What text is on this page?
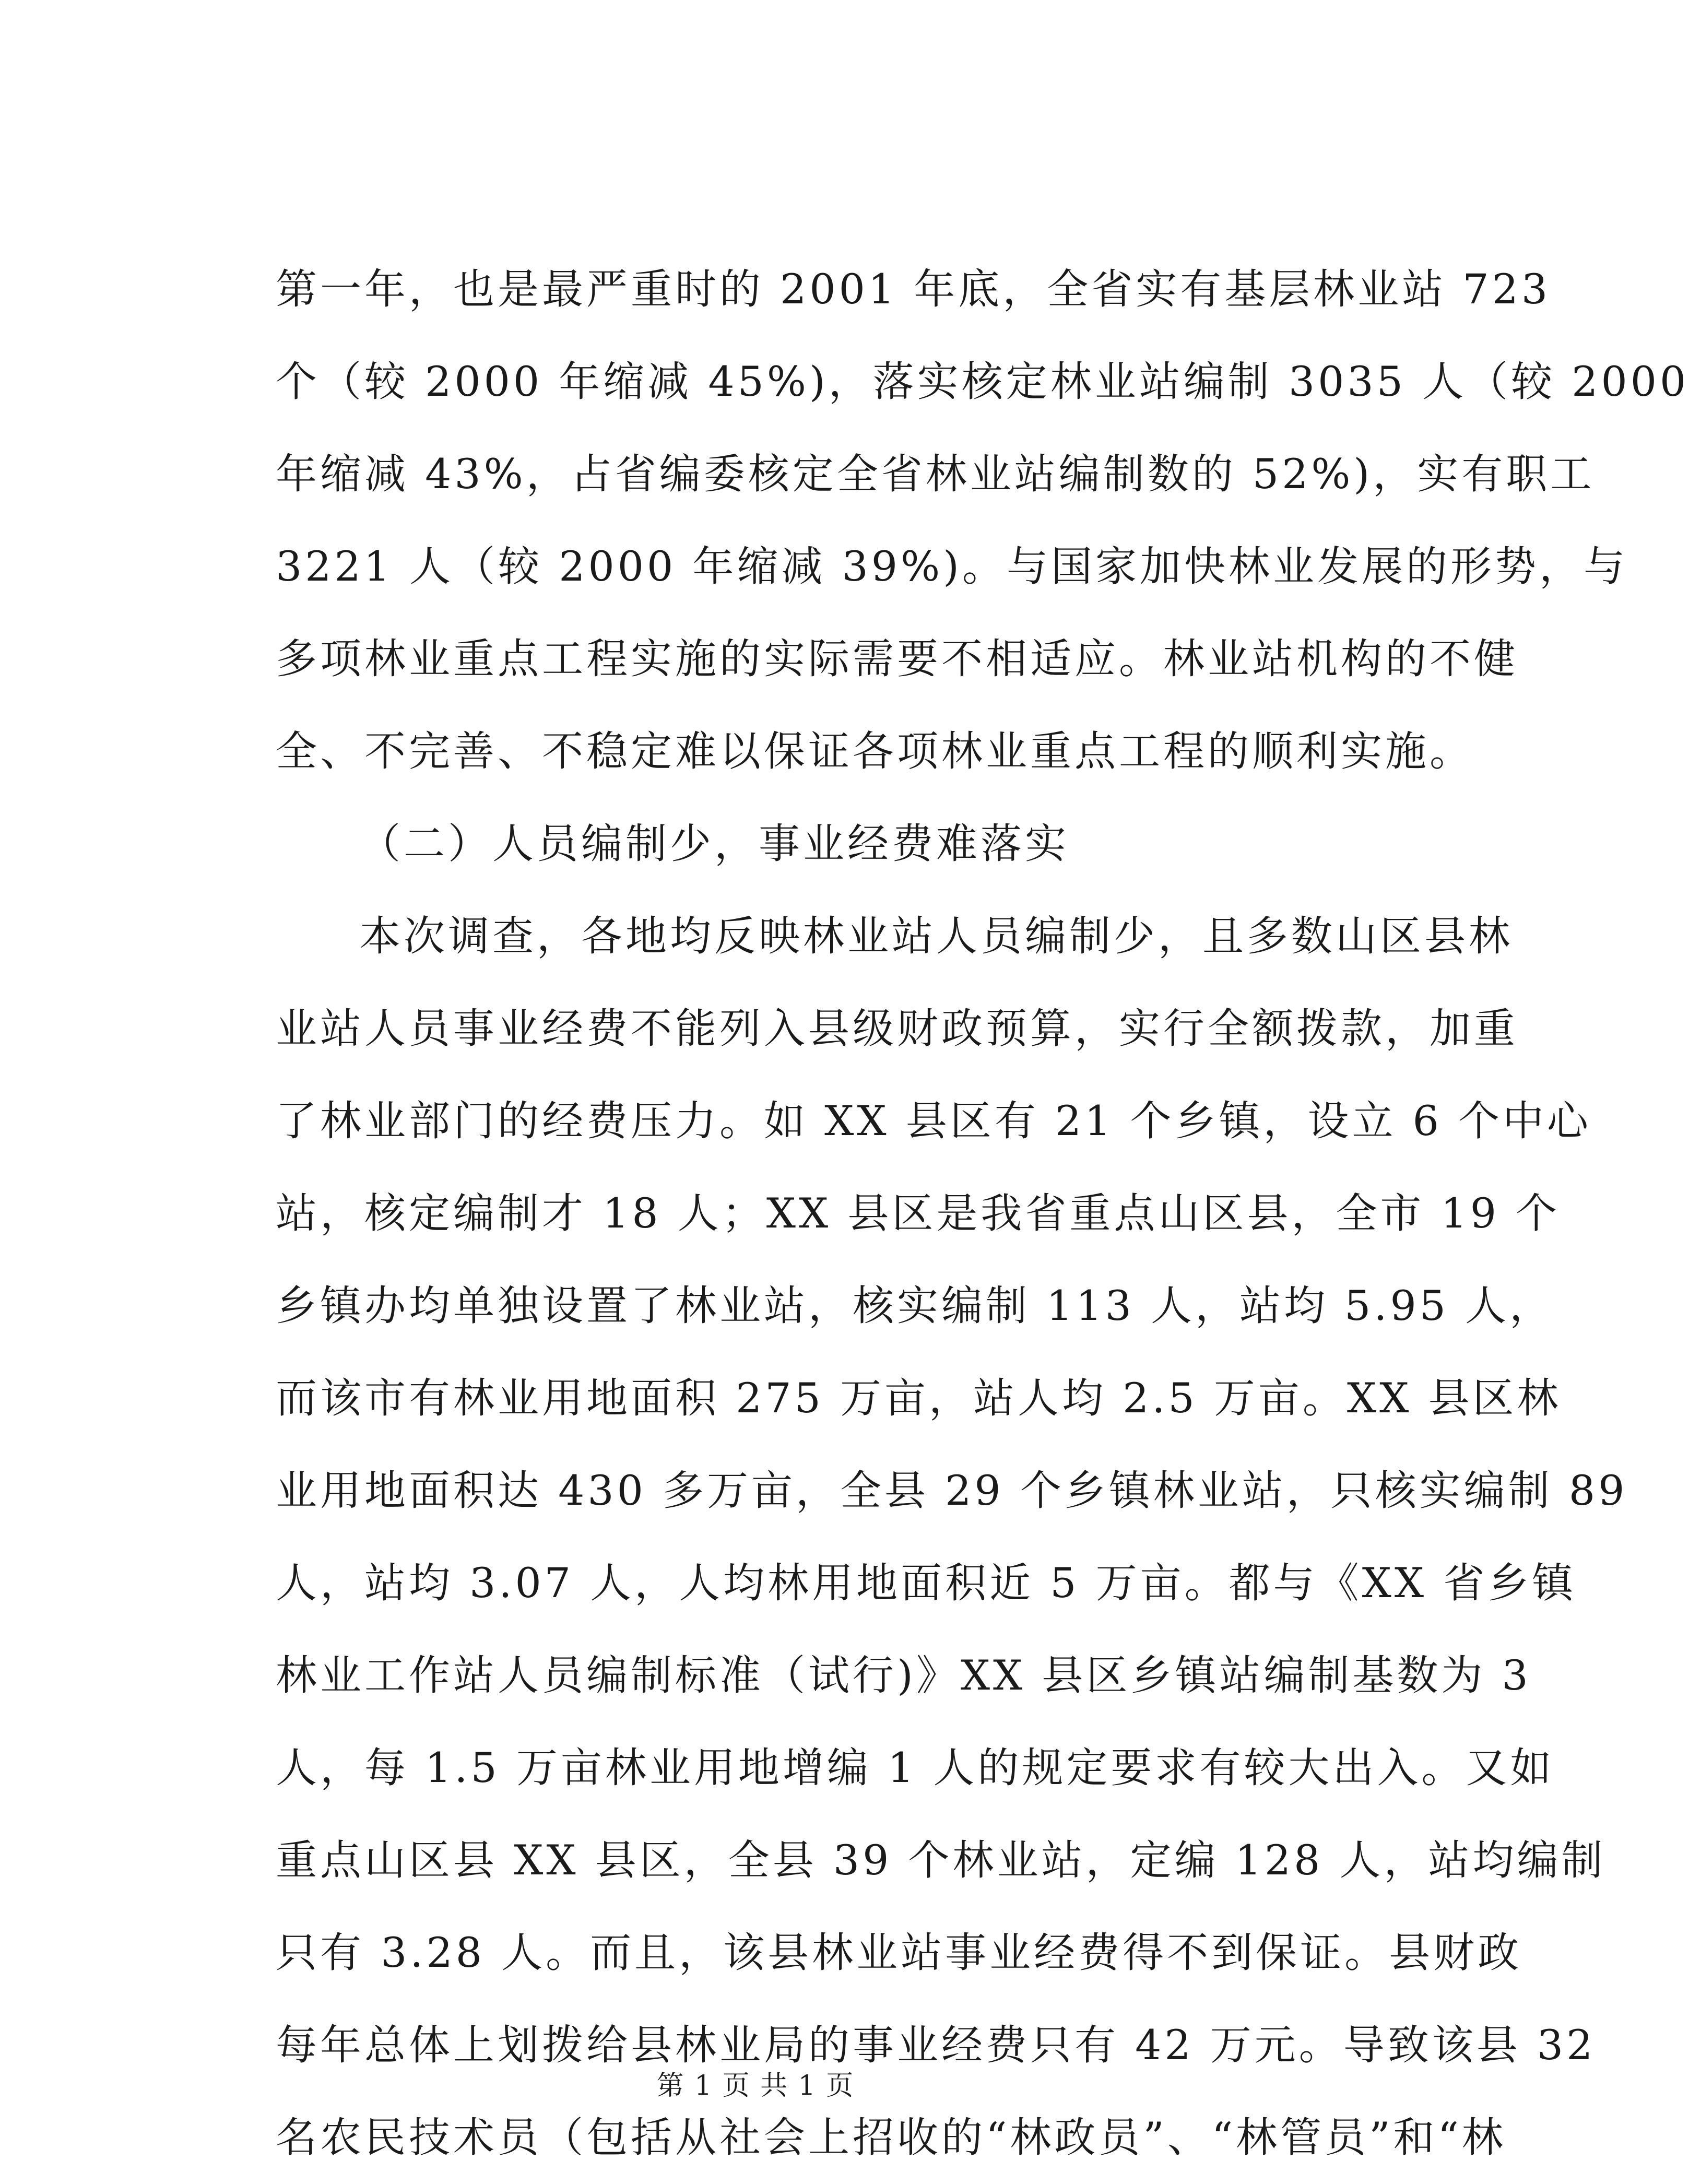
第一年，也是最严重时的 2001 年底，全省实有基层林业站 723
个（较 2000 年缩减 45%)，落实核定林业站编制 3035 人（较 2000
年缩减 43%，占省编委核定全省林业站编制数的 52%)，实有职工
3221 人（较 2000 年缩减 39%)。与国家加快林业发展的形势，与
多项林业重点工程实施的实际需要不相适应。林业站机构的不健
全、不完善、不稳定难以保证各项林业重点工程的顺利实施。
（二）人员编制少，事业经费难落实
本次调查，各地均反映林业站人员编制少，且多数山区县林
业站人员事业经费不能列入县级财政预算，实行全额拨款，加重
了林业部门的经费压力。如 XX 县区有 21 个乡镇，设立 6 个中心
站，核定编制才 18 人；XX 县区是我省重点山区县，全市 19 个
乡镇办均单独设置了林业站，核实编制 113 人，站均 5.95 人，
而该市有林业用地面积 275 万亩，站人均 2.5 万亩。XX 县区林
业用地面积达 430 多万亩，全县 29 个乡镇林业站，只核实编制 89
人，站均 3.07 人，人均林用地面积近 5 万亩。都与《XX 省乡镇
林业工作站人员编制标准（试行)》XX 县区乡镇站编制基数为 3
人，每 1.5 万亩林业用地增编 1 人的规定要求有较大出入。又如
重点山区县 XX 县区，全县 39 个林业站，定编 128 人，站均编制
只有 3.28 人。而且，该县林业站事业经费得不到保证。县财政
每年总体上划拨给县林业局的事业经费只有 42 万元。导致该县 32
名农民技术员（包括从社会上招收的“林政员”、“林管员”和“林
第 1 页 共 1 页
